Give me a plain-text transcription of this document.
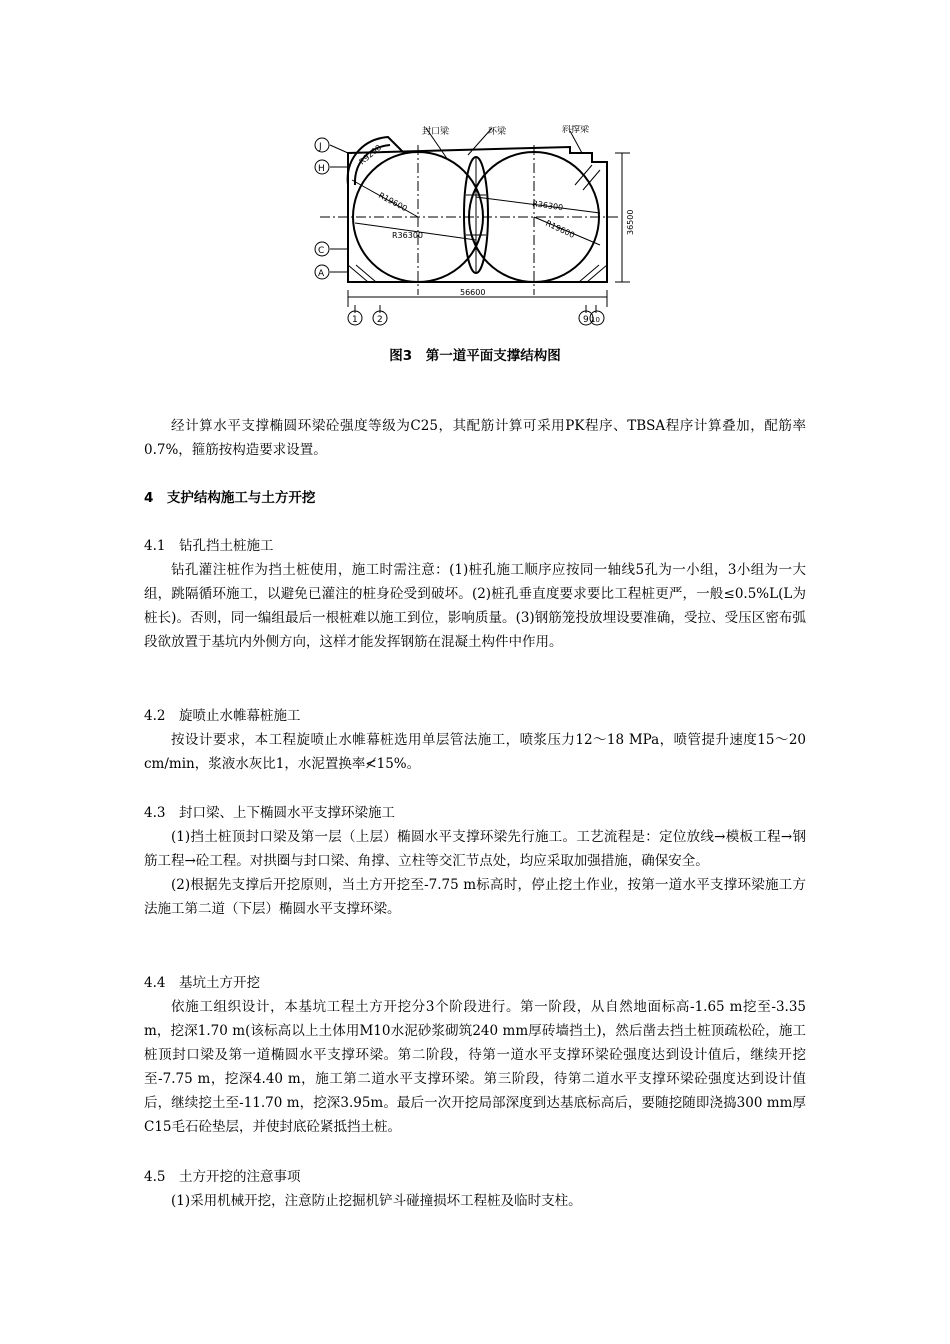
封口梁	环梁	斜撑梁
R9200
R19600
R36300
R36300
R19600
56600
36500
J
H
C
A
1 2	9 10
图3　第一道平面支撑结构图

经计算水平支撑椭圆环梁砼强度等级为C25，其配筋计算可采用PK程序、TBSA程序计算叠加，配筋率0.7%，箍筋按构造要求设置。

4　支护结构施工与土方开挖

4.1　钻孔挡土桩施工

钻孔灌注桩作为挡土桩使用，施工时需注意：(1)桩孔施工顺序应按同一轴线5孔为一小组，3小组为一大组，跳隔循环施工，以避免已灌注的桩身砼受到破坏。(2)桩孔垂直度要求要比工程桩更严，一般≤0.5%L(L为桩长)。否则，同一编组最后一根桩难以施工到位，影响质量。(3)钢筋笼投放埋设要准确，受拉、受压区密布弧段欲放置于基坑内外侧方向，这样才能发挥钢筋在混凝土构件中作用。

4.2　旋喷止水帷幕桩施工

按设计要求，本工程旋喷止水帷幕桩选用单层管法施工，喷浆压力12～18 MPa，喷管提升速度15～20 cm/min，浆液水灰比1，水泥置换率≮15%。

4.3　封口梁、上下椭圆水平支撑环梁施工

(1)挡土桩顶封口梁及第一层（上层）椭圆水平支撑环梁先行施工。工艺流程是：定位放线→模板工程→钢筋工程→砼工程。对拱圈与封口梁、角撑、立柱等交汇节点处，均应采取加强措施，确保安全。

(2)根据先支撑后开挖原则，当土方开挖至-7.75 m标高时，停止挖土作业，按第一道水平支撑环梁施工方法施工第二道（下层）椭圆水平支撑环梁。

4.4　基坑土方开挖

依施工组织设计，本基坑工程土方开挖分3个阶段进行。第一阶段，从自然地面标高-1.65 m挖至-3.35 m，挖深1.70 m(该标高以上土体用M10水泥砂浆砌筑240 mm厚砖墙挡土)，然后凿去挡土桩顶疏松砼，施工桩顶封口梁及第一道椭圆水平支撑环梁。第二阶段，待第一道水平支撑环梁砼强度达到设计值后，继续开挖至-7.75 m，挖深4.40 m，施工第二道水平支撑环梁。第三阶段，待第二道水平支撑环梁砼强度达到设计值后，继续挖土至-11.70 m，挖深3.95m。最后一次开挖局部深度到达基底标高后，要随挖随即浇捣300 mm厚C15毛石砼垫层，并使封底砼紧抵挡土桩。

4.5　土方开挖的注意事项

(1)采用机械开挖，注意防止挖掘机铲斗碰撞损坏工程桩及临时支柱。
